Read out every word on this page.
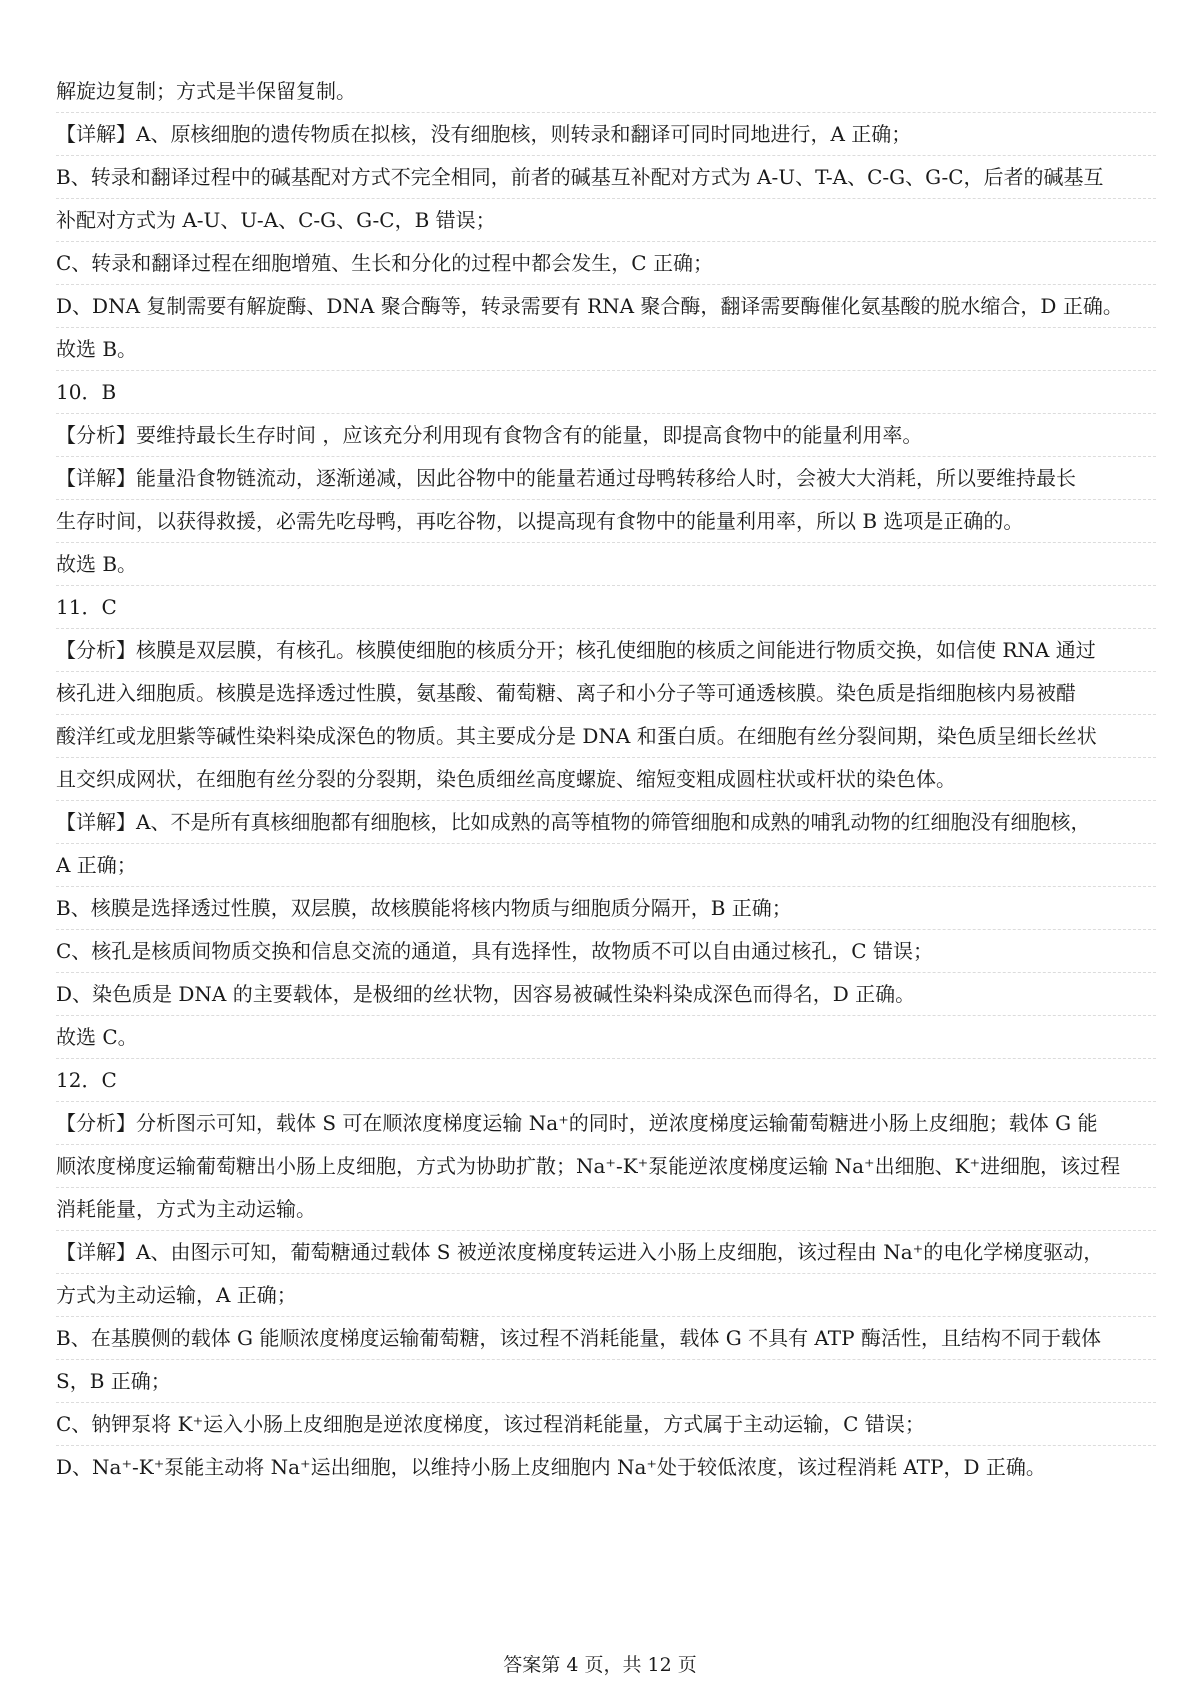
解旋边复制；方式是半保留复制。
【详解】A、原核细胞的遗传物质在拟核，没有细胞核，则转录和翻译可同时同地进行，A 正确；
B、转录和翻译过程中的碱基配对方式不完全相同，前者的碱基互补配对方式为 A-U、T-A、C-G、G-C，后者的碱基互
补配对方式为 A-U、U-A、C-G、G-C，B 错误；
C、转录和翻译过程在细胞增殖、生长和分化的过程中都会发生，C 正确；
D、DNA 复制需要有解旋酶、DNA 聚合酶等，转录需要有 RNA 聚合酶，翻译需要酶催化氨基酸的脱水缩合，D 正确。
故选 B。
10．B
【分析】要维持最长生存时间 ，应该充分利用现有食物含有的能量，即提高食物中的能量利用率。
【详解】能量沿食物链流动，逐渐递减，因此谷物中的能量若通过母鸭转移给人时，会被大大消耗，所以要维持最长
生存时间，以获得救援，必需先吃母鸭，再吃谷物，以提高现有食物中的能量利用率，所以 B 选项是正确的。
故选 B。
11．C
【分析】核膜是双层膜，有核孔。核膜使细胞的核质分开；核孔使细胞的核质之间能进行物质交换，如信使 RNA 通过
核孔进入细胞质。核膜是选择透过性膜，氨基酸、葡萄糖、离子和小分子等可通透核膜。染色质是指细胞核内易被醋
酸洋红或龙胆紫等碱性染料染成深色的物质。其主要成分是 DNA 和蛋白质。在细胞有丝分裂间期，染色质呈细长丝状
且交织成网状，在细胞有丝分裂的分裂期，染色质细丝高度螺旋、缩短变粗成圆柱状或杆状的染色体。
【详解】A、不是所有真核细胞都有细胞核，比如成熟的高等植物的筛管细胞和成熟的哺乳动物的红细胞没有细胞核，
A 正确；
B、核膜是选择透过性膜，双层膜，故核膜能将核内物质与细胞质分隔开，B 正确；
C、核孔是核质间物质交换和信息交流的通道，具有选择性，故物质不可以自由通过核孔，C 错误；
D、染色质是 DNA 的主要载体，是极细的丝状物，因容易被碱性染料染成深色而得名，D 正确。
故选 C。
12．C
【分析】分析图示可知，载体 S 可在顺浓度梯度运输 Na⁺的同时，逆浓度梯度运输葡萄糖进小肠上皮细胞；载体 G 能
顺浓度梯度运输葡萄糖出小肠上皮细胞，方式为协助扩散；Na⁺-K⁺泵能逆浓度梯度运输 Na⁺出细胞、K⁺进细胞，该过程
消耗能量，方式为主动运输。
【详解】A、由图示可知，葡萄糖通过载体 S 被逆浓度梯度转运进入小肠上皮细胞，该过程由 Na⁺的电化学梯度驱动，
方式为主动运输，A 正确；
B、在基膜侧的载体 G 能顺浓度梯度运输葡萄糖，该过程不消耗能量，载体 G 不具有 ATP 酶活性，且结构不同于载体
S，B 正确；
C、钠钾泵将 K⁺运入小肠上皮细胞是逆浓度梯度，该过程消耗能量，方式属于主动运输，C 错误；
D、Na⁺-K⁺泵能主动将 Na⁺运出细胞，以维持小肠上皮细胞内 Na⁺处于较低浓度，该过程消耗 ATP，D 正确。
答案第 4 页，共 12 页
